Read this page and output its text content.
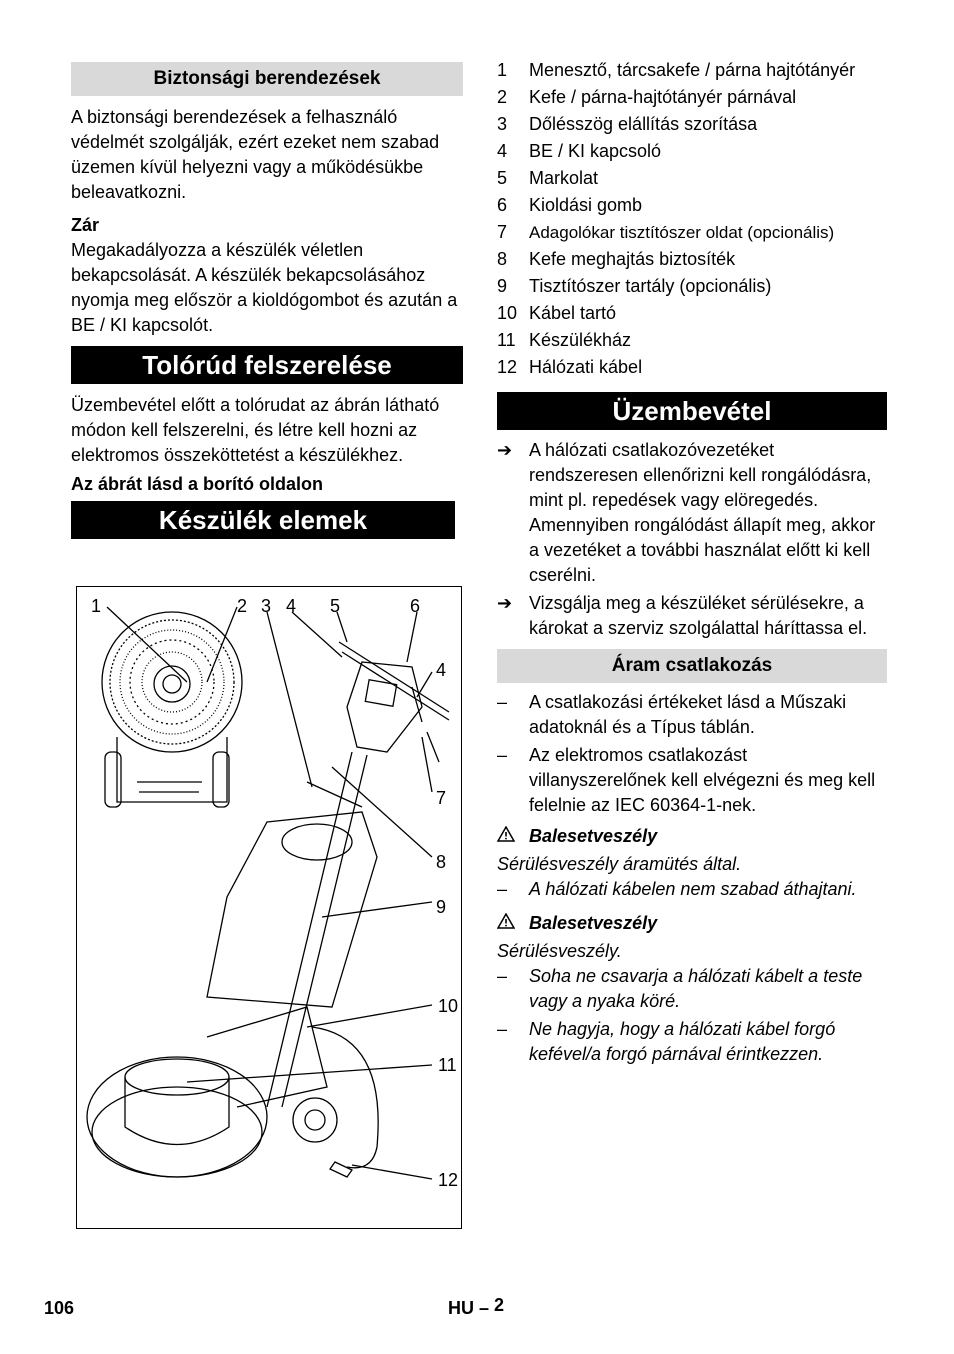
Biztonsági berendezések

A biztonsági berendezések a felhasználó védelmét szolgálják, ezért ezeket nem szabad üzemen kívül helyezni vagy a működésükbe beleavatkozni.

Zár

Megakadályozza a készülék véletlen bekapcsolását. A készülék bekapcsolásához nyomja meg először a kioldógombot és azután a BE / KI kapcsolót.

Tolórúd felszerelése

Üzembevétel előtt a tolórudat az ábrán látható módon kell felszerelni, és létre kell hozni az elektromos összeköttetést a készülékhez.

Az ábrát lásd a borító oldalon

Készülék elemek
1	2 3 4 5	6
4
7
8
9
10
11
12
1	Menesztő, tárcsakefe / párna hajtótányér
2	Kefe / párna-hajtótányér párnával
3	Dőlésszög elállítás szorítása
4	BE / KI kapcsoló
5	Markolat
6	Kioldási gomb
7	Adagolókar tisztítószer oldat (opcionális)
8	Kefe meghajtás biztosíték
9	Tisztítószer tartály (opcionális)
10 Kábel tartó
11 Készülékház
12 Hálózati kábel
Üzembevétel
➔ A hálózati csatlakozóvezetéket rendszeresen ellenőrizni kell rongálódásra, mint pl. repedések vagy elöregedés. Amennyiben rongálódást állapít meg, akkor a vezetéket a további használat előtt ki kell cserélni.
➔ Vizsgálja meg a készüléket sérülésekre, a károkat a szerviz szolgálattal háríttassa el.
Áram csatlakozás
–	A csatlakozási értékeket lásd a Műszaki adatoknál és a Típus táblán.
–	Az elektromos csatlakozást villanyszerelőnek kell elvégezni és meg kell felelnie az IEC 60364-1-nek.
Balesetveszély

Sérülésveszély áramütés által.

–	A hálózati kábelen nem szabad áthajtani.
Balesetveszély

Sérülésveszély.

–	Soha ne csavarja a hálózati kábelt a teste vagy a nyaka köré.
–	Ne hagyja, hogy a hálózati kábel forgó kefével/a forgó párnával érintkezzen.
106	HU – 2
